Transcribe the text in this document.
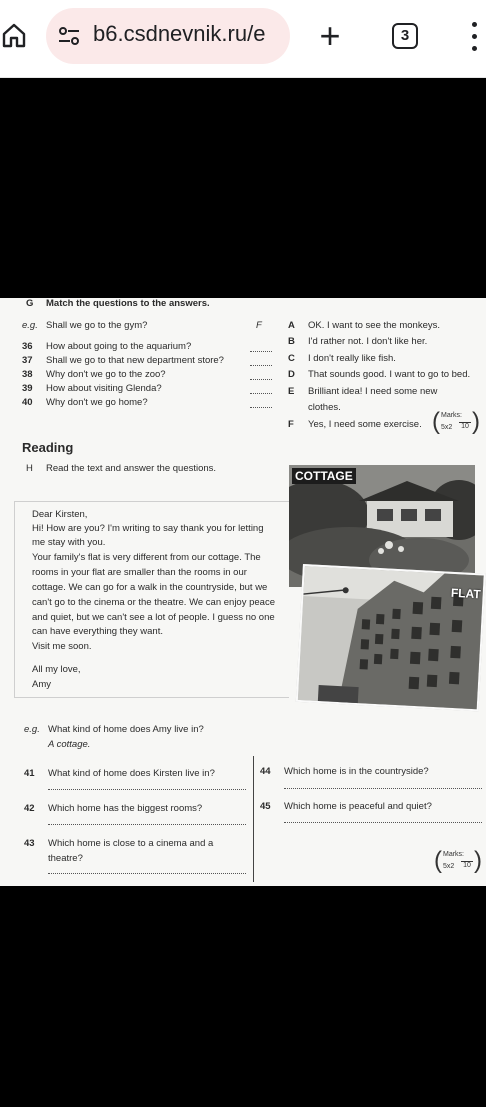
b6.csdnevnik.ru/e	+	3
G Match the questions to the answers.
e.g. Shall we go to the gym?	F
36 How about going to the aquarium?
37 Shall we go to that new department store?
38 Why don't we go to the zoo?
39 How about visiting Glenda?
40 Why don't we go home?
A OK. I want to see the monkeys.
B I'd rather not. I don't like her.
C I don't really like fish.
D That sounds good. I want to go to bed.
E Brilliant idea! I need some new
clothes.
F Yes, I need some exercise. ( Marks:
5x2 10 )
Reading
H Read the text and answer the questions.
COTTAGE
Dear Kirsten,
Hi! How are you? I'm writing to say thank you for letting
me stay with you.
Your family's flat is very different from our cottage. The
rooms in your flat are smaller than the rooms in our
cottage. We can go for a walk in the countryside, but we
can't go to the cinema or the theatre. We can enjoy peace
and quiet, but we can't see a lot of people. I guess no one
can have everything they want.
Visit me soon.
All my love,
Amy
FLAT
e.g. What kind of home does Amy live in?
A cottage.
41 What kind of home does Kirsten live in?
42 Which home has the biggest rooms?
43 Which home is close to a cinema and a
theatre?
44 Which home is in the countryside?
45 Which home is peaceful and quiet?
( Marks:
5x2 10 )
